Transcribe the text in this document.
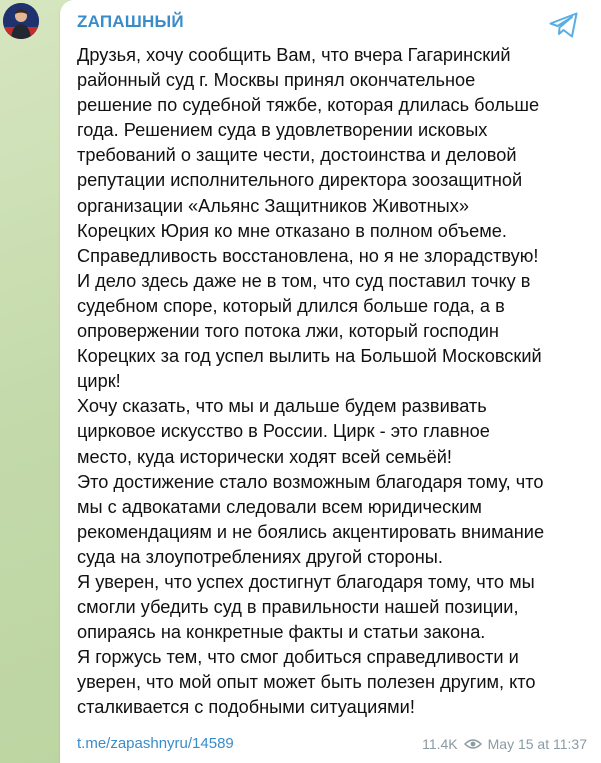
ZАПАШНЫЙ
Друзья, хочу сообщить Вам, что вчера Гагаринский
районный суд г. Москвы принял окончательное
решение по судебной тяжбе, которая длилась больше
года. Решением суда в удовлетворении исковых
требований о защите чести, достоинства и деловой
репутации исполнительного директора зоозащитной
организации «Альянс Защитников Животных»
Корецких Юрия ко мне отказано в полном объеме.
Справедливость восстановлена, но я не злорадствую!
И дело здесь даже не в том, что суд поставил точку в
судебном споре, который длился больше года, а в
опровержении того потока лжи, который господин
Корецких за год успел вылить на Большой Московский
цирк!
Хочу сказать, что мы и дальше будем развивать
цирковое искусство в России. Цирк - это главное
место, куда исторически ходят всей семьёй!
Это достижение стало возможным благодаря тому, что
мы с адвокатами следовали всем юридическим
рекомендациям и не боялись акцентировать внимание
суда на злоупотреблениях другой стороны.
Я уверен, что успех достигнут благодаря тому, что мы
смогли убедить суд в правильности нашей позиции,
опираясь на конкретные факты и статьи закона.
Я горжусь тем, что смог добиться справедливости и
уверен, что мой опыт может быть полезен другим, кто
сталкивается с подобными ситуациями!
t.me/zapashnyru/14589	11.4K May 15 at 11:37
